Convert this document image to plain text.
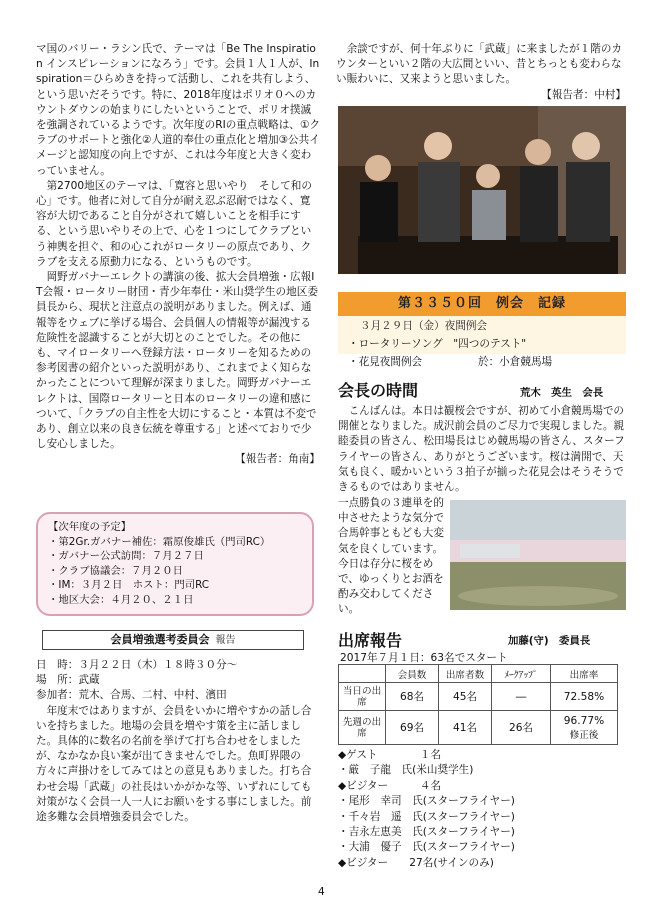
マ国のバリー・ラシン氏で、テーマは「Be The Inspiration インスピレーションになろう」です。会員１人１人が、Inspiration＝ひらめきを持って活動し、これを共有しよう、という思いだそうです。特に、2018年度はポリオ０へのカウントダウンの始まりにしたいということで、ポリオ撲滅を強調されているようです。次年度のRIの重点戦略は、①クラブのサポートと強化②人道的奉仕の重点化と増加③公共イメージと認知度の向上ですが、これは今年度と大きく変わっていません。

　第2700地区のテーマは、「寛容と思いやり　そして和の心」です。他者に対して自分が耐え忍ぶ忍耐ではなく、寛容が大切であること自分がされて嬉しいことを相手にする、という思いやりその上で、心を１つにしてクラブという神輿を担ぐ、和の心これがロータリーの原点であり、クラブを支える原動力になる、というものです。

　岡野ガバナーエレクトの講演の後、拡大会員増強・広報IT会報・ロータリー財団・青少年奉仕・米山奨学生の地区委員長から、現状と注意点の説明がありました。例えば、通報等をウェブに挙げる場合、会員個人の情報等が漏洩する危険性を認識することが大切とのことでした。その他にも、マイロータリーへ登録方法・ロータリーを知るための参考図書の紹介といった説明があり、これまでよく知らなかったことについて理解が深まりました。岡野ガバナーエレクトは、国際ロータリーと日本のロータリーの違和感について、「クラブの自主性を大切にすること・本質は不変であり、創立以来の良き伝統を尊重する」と述べておりで少し安心しました。

【報告者：角南】
【次年度の予定】
・第2Gr.ガバナー補佐：霜原俊雄氏（門司RC）
・ガバナー公式訪問：７月２７日
・クラブ協議会：７月２０日
・IM：３月２日　ホスト：門司RC
・地区大会：４月２０、２１日
会員増強選考委員会 報告
日　時：３月２２日（木）１８時３０分～
場　所：武蔵
参加者：荒木、合馬、二村、中村、濱田

　年度末ではありますが、会員をいかに増やすかの話し合いを持ちました。地場の会員を増やす策を主に話しました。具体的に数名の名前を挙げて打ち合わせをしましたが、なかなか良い案が出てきませんでした。魚町界隈の方々に声掛けをしてみてはとの意見もありました。打ち合わせ会場「武蔵」の社長はいかがかな等、いずれにしても対策がなく会員一人一人にお願いをする事にしました。前途多難な会員増強委員会でした。

　余談ですが、何十年ぶりに「武蔵」に来ましたが１階のカウンターといい２階の大広間といい、昔とちっとも変わらない賑わいに、又来ようと思いました。

【報告者：中村】
第３３５０回　例会　記録
３月２９日（金）夜間例会
・ロータリーソング　"四つのテスト"
・花見夜間例会	於：小倉競馬場
会長の時間	荒木　英生　会長

　こんばんは。本日は観桜会ですが、初めて小倉競馬場での開催となりました。成沢前会員のご尽力で実現しました。親睦委員の皆さん、松田場長はじめ競馬場の皆さん、スターフライヤーの皆さん、ありがとうございます。桜は満開で、天気も良く、暖かいという３拍子が揃った花見会はそうそうできるものではありません。

一点勝負の３連単を的中させたような気分で合馬幹事ともども大変気を良くしています。今日は存分に桜をめで、ゆっくりとお酒を酌み交わしてください。

出席報告	加藤(守)　委員長
2017年７月１日：63名でスタート
	会員数	出席者数	ﾒｰｸｱｯﾌﾟ	出席率
当日の出席	68名	45名	―	72.58%
先週の出席	69名	41名	26名	96.77%
修正後
◆ゲスト　　　　１名
・厳　子龍　氏(米山奨学生)
◆ビジター　　　４名
・尾形　幸司　氏(スターフライヤー)
・千々岩　遥　氏(スターフライヤー)
・吉永左恵美　氏(スターフライヤー)
・大浦　優子　氏(スターフライヤー)
◆ビジター　　27名(サインのみ)
4
